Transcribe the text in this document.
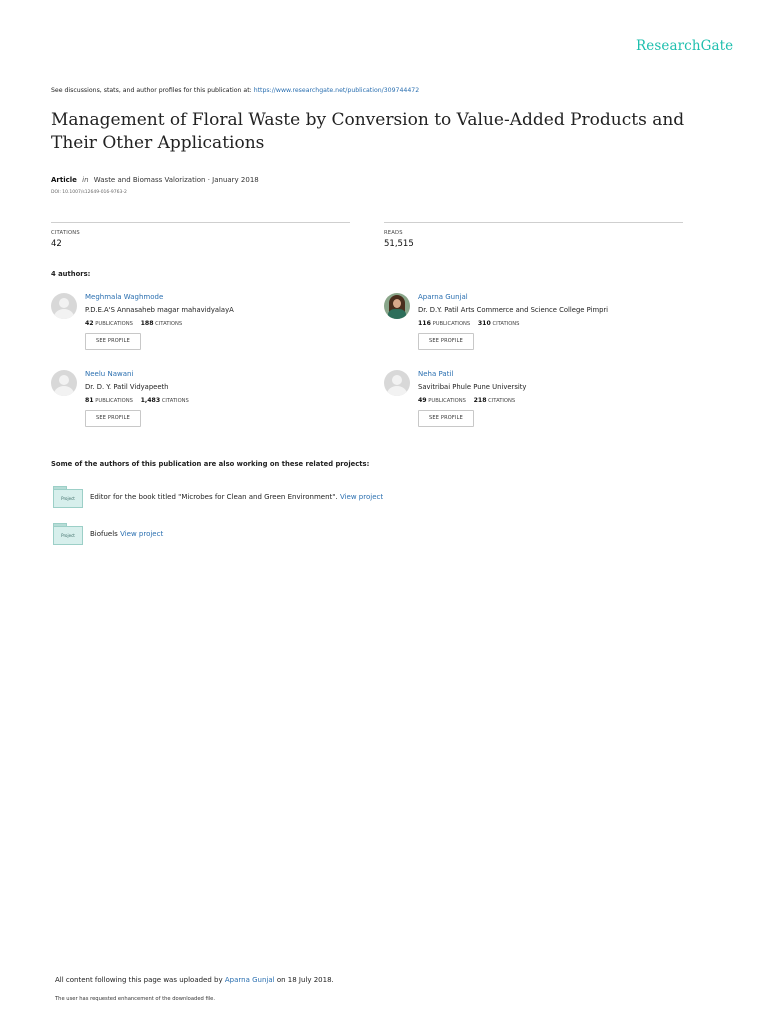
ResearchGate
See discussions, stats, and author profiles for this publication at: https://www.researchgate.net/publication/309744472
Management of Floral Waste by Conversion to Value-Added Products and Their Other Applications
Article in Waste and Biomass Valorization · January 2018
DOI: 10.1007/s12649-016-9763-2
CITATIONS
42
READS
51,515
4 authors:
Meghmala Waghmode
P.D.E.A'S Annasaheb magar mahavidyalayA
42 PUBLICATIONS 188 CITATIONS
SEE PROFILE
Aparna Gunjal
Dr. D.Y. Patil Arts Commerce and Science College Pimpri
116 PUBLICATIONS 310 CITATIONS
SEE PROFILE
Neelu Nawani
Dr. D. Y. Patil Vidyapeeth
81 PUBLICATIONS 1,483 CITATIONS
SEE PROFILE
Neha Patil
Savitribai Phule Pune University
49 PUBLICATIONS 218 CITATIONS
SEE PROFILE
Some of the authors of this publication are also working on these related projects:
Project	Editor for the book titled "Microbes for Clean and Green Environment". View project
Project	Biofuels View project
All content following this page was uploaded by Aparna Gunjal on 18 July 2018.
The user has requested enhancement of the downloaded file.
